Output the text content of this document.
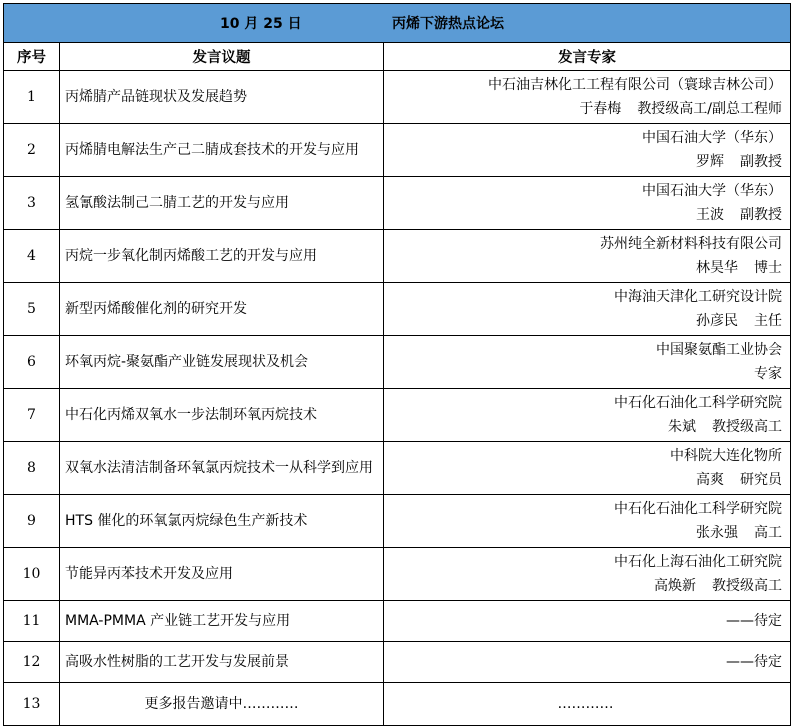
10 月 25 日 丙烯下游热点论坛		
序号	发言议题	发言专家
1	丙烯腈产品链现状及发展趋势	中石油吉林化工工程有限公司（寰球吉林公司）
于春梅 教授级高工/副总工程师

2	丙烯腈电解法生产己二腈成套技术的开发与应用	中国石油大学（华东）
罗辉 副教授

3	氢氰酸法制己二腈工艺的开发与应用	中国石油大学（华东）
王波 副教授

4	丙烷一步氧化制丙烯酸工艺的开发与应用	苏州纯全新材料科技有限公司
林昊华 博士

5	新型丙烯酸催化剂的研究开发	中海油天津化工研究设计院
孙彦民 主任

6	环氧丙烷-聚氨酯产业链发展现状及机会	中国聚氨酯工业协会
专家

7	中石化丙烯双氧水一步法制环氧丙烷技术	中石化石油化工科学研究院
朱斌 教授级高工

8	双氧水法清洁制备环氧氯丙烷技术一从科学到应用	中科院大连化物所
高爽 研究员

9	HTS 催化的环氧氯丙烷绿色生产新技术	中石化石油化工科学研究院
张永强 高工

10	节能异丙苯技术开发及应用	中石化上海石油化工研究院
高焕新 教授级高工

11	MMA-PMMA 产业链工艺开发与应用	——待定

12	高吸水性树脂的工艺开发与发展前景	——待定

13	更多报告邀请中…………	…………
